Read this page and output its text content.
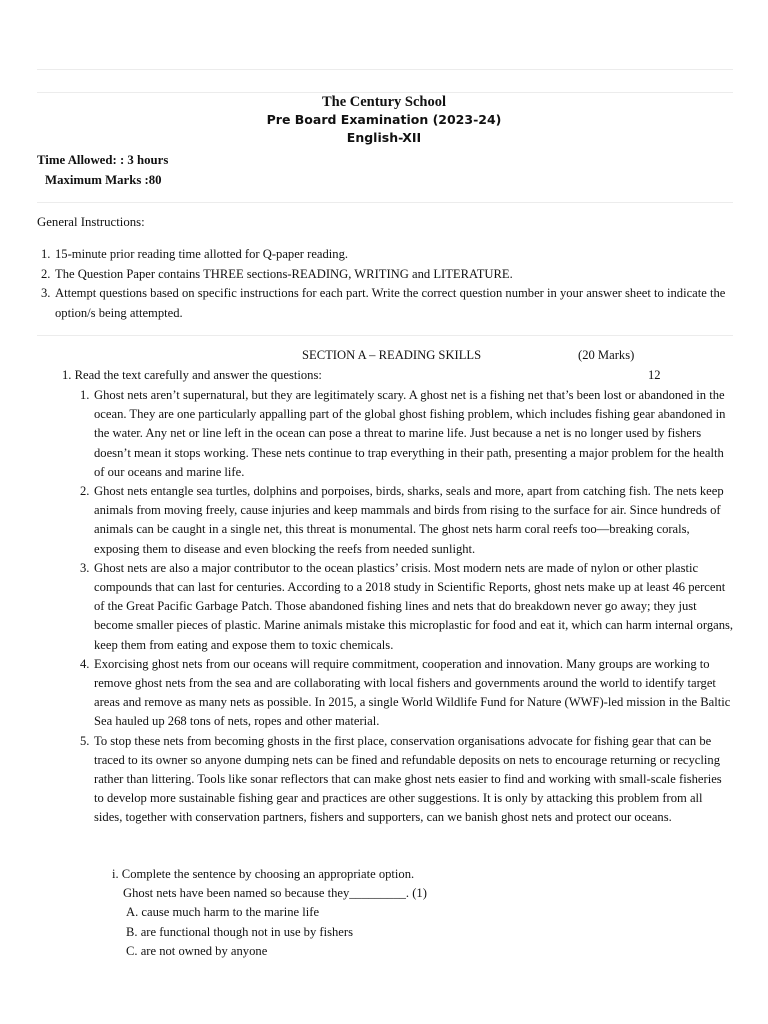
The Century School
Pre Board Examination (2023-24)
English-XII
Time Allowed: : 3 hours
Maximum Marks :80
General Instructions:
1. 15-minute prior reading time allotted for Q-paper reading.
2. The Question Paper contains THREE sections-READING, WRITING and LITERATURE.
3. Attempt questions based on specific instructions for each part. Write the correct question number in your answer sheet to indicate the option/s being attempted.
SECTION A – READING SKILLS	(20 Marks)
1. Read the text carefully and answer the questions:	12
1. Ghost nets aren’t supernatural, but they are legitimately scary. A ghost net is a fishing net that’s been lost or abandoned in the ocean. They are one particularly appalling part of the global ghost fishing problem, which includes fishing gear abandoned in the water. Any net or line left in the ocean can pose a threat to marine life. Just because a net is no longer used by fishers doesn’t mean it stops working. These nets continue to trap everything in their path, presenting a major problem for the health of our oceans and marine life.
2. Ghost nets entangle sea turtles, dolphins and porpoises, birds, sharks, seals and more, apart from catching fish. The nets keep animals from moving freely, cause injuries and keep mammals and birds from rising to the surface for air. Since hundreds of animals can be caught in a single net, this threat is monumental. The ghost nets harm coral reefs too—breaking corals, exposing them to disease and even blocking the reefs from needed sunlight.
3. Ghost nets are also a major contributor to the ocean plastics’ crisis. Most modern nets are made of nylon or other plastic compounds that can last for centuries. According to a 2018 study in Scientific Reports, ghost nets make up at least 46 percent of the Great Pacific Garbage Patch. Those abandoned fishing lines and nets that do breakdown never go away; they just become smaller pieces of plastic. Marine animals mistake this microplastic for food and eat it, which can harm internal organs, keep them from eating and expose them to toxic chemicals.
4. Exorcising ghost nets from our oceans will require commitment, cooperation and innovation. Many groups are working to remove ghost nets from the sea and are collaborating with local fishers and governments around the world to identify target areas and remove as many nets as possible. In 2015, a single World Wildlife Fund for Nature (WWF)-led mission in the Baltic Sea hauled up 268 tons of nets, ropes and other material.
5. To stop these nets from becoming ghosts in the first place, conservation organisations advocate for fishing gear that can be traced to its owner so anyone dumping nets can be fined and refundable deposits on nets to encourage returning or recycling rather than littering. Tools like sonar reflectors that can make ghost nets easier to find and working with small-scale fisheries to develop more sustainable fishing gear and practices are other suggestions. It is only by attacking this problem from all sides, together with conservation partners, fishers and supporters, can we banish ghost nets and protect our oceans.
i. Complete the sentence by choosing an appropriate option.
Ghost nets have been named so because they_________. (1)
A. cause much harm to the marine life
B. are functional though not in use by fishers
C. are not owned by anyone
